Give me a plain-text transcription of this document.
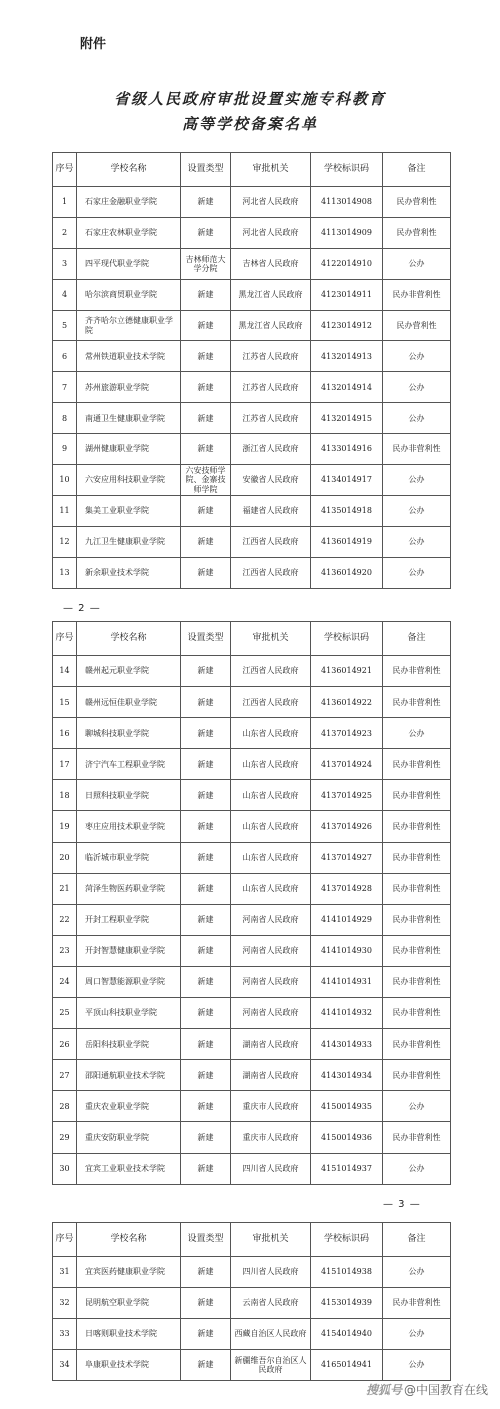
附件
省级人民政府审批设置实施专科教育
高等学校备案名单
序号	学校名称	设置类型	审批机关	学校标识码	备注
1	石家庄金融职业学院	新建	河北省人民政府	4113014908	民办营利性
2	石家庄农林职业学院	新建	河北省人民政府	4113014909	民办营利性
3	四平现代职业学院	吉林师范大学分院	吉林省人民政府	4122014910	公办
4	哈尔滨商贸职业学院	新建	黑龙江省人民政府	4123014911	民办非营利性
5	齐齐哈尔立德健康职业学院	新建	黑龙江省人民政府	4123014912	民办营利性
6	常州铁道职业技术学院	新建	江苏省人民政府	4132014913	公办
7	苏州旅游职业学院	新建	江苏省人民政府	4132014914	公办
8	南通卫生健康职业学院	新建	江苏省人民政府	4132014915	公办
9	湖州健康职业学院	新建	浙江省人民政府	4133014916	民办非营利性
10	六安应用科技职业学院	六安技师学院、金寨技师学院	安徽省人民政府	4134014917	公办
11	集美工业职业学院	新建	福建省人民政府	4135014918	公办
12	九江卫生健康职业学院	新建	江西省人民政府	4136014919	公办
13	新余职业技术学院	新建	江西省人民政府	4136014920	公办
— 2 —
序号	学校名称	设置类型	审批机关	学校标识码	备注
14	赣州起元职业学院	新建	江西省人民政府	4136014921	民办非营利性
15	赣州远恒佳职业学院	新建	江西省人民政府	4136014922	民办非营利性
16	聊城科技职业学院	新建	山东省人民政府	4137014923	公办
17	济宁汽车工程职业学院	新建	山东省人民政府	4137014924	民办非营利性
18	日照科技职业学院	新建	山东省人民政府	4137014925	民办非营利性
19	枣庄应用技术职业学院	新建	山东省人民政府	4137014926	民办非营利性
20	临沂城市职业学院	新建	山东省人民政府	4137014927	民办非营利性
21	菏泽生物医药职业学院	新建	山东省人民政府	4137014928	民办非营利性
22	开封工程职业学院	新建	河南省人民政府	4141014929	民办非营利性
23	开封智慧健康职业学院	新建	河南省人民政府	4141014930	民办非营利性
24	周口智慧能源职业学院	新建	河南省人民政府	4141014931	民办非营利性
25	平顶山科技职业学院	新建	河南省人民政府	4141014932	民办非营利性
26	岳阳科技职业学院	新建	湖南省人民政府	4143014933	民办非营利性
27	邵阳通航职业技术学院	新建	湖南省人民政府	4143014934	民办非营利性
28	重庆农业职业学院	新建	重庆市人民政府	4150014935	公办
29	重庆安防职业学院	新建	重庆市人民政府	4150014936	民办非营利性
30	宜宾工业职业技术学院	新建	四川省人民政府	4151014937	公办
— 3 —
序号	学校名称	设置类型	审批机关	学校标识码	备注
31	宜宾医药健康职业学院	新建	四川省人民政府	4151014938	公办
32	昆明航空职业学院	新建	云南省人民政府	4153014939	民办非营利性
33	日喀则职业技术学院	新建	西藏自治区人民政府	4154014940	公办
34	阜康职业技术学院	新建	新疆维吾尔自治区人民政府	4165014941	公办
搜狐号 @中国教育在线
